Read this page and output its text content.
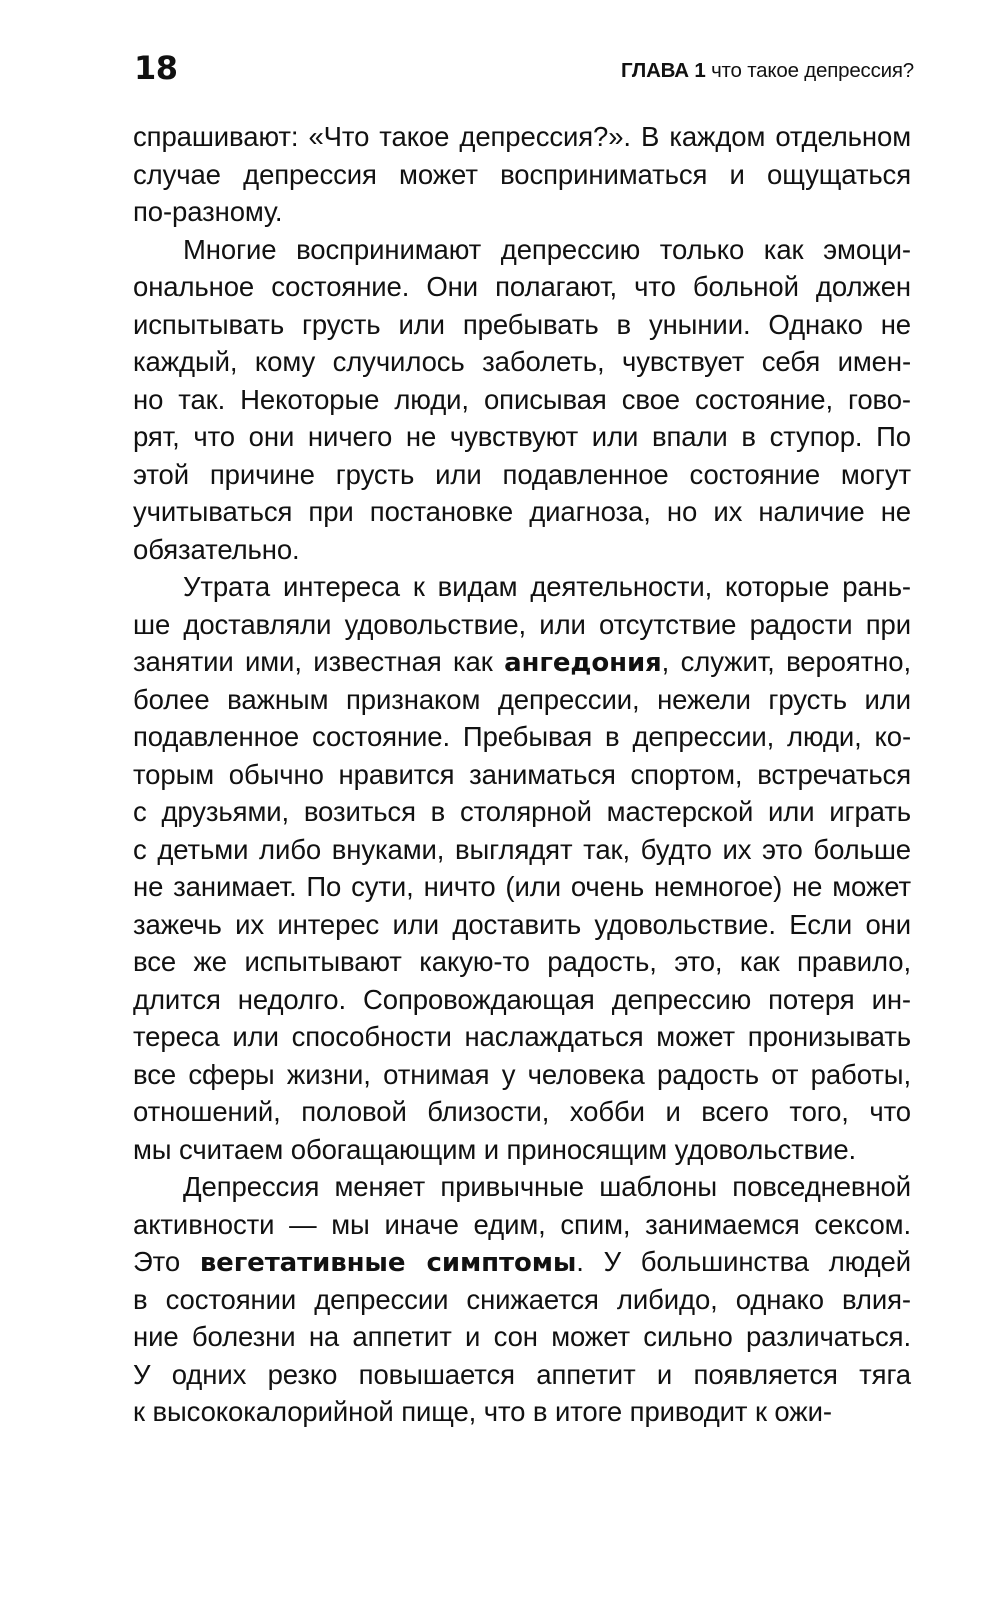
18	ГЛАВА 1 что такое депрессия?
спрашивают: «Что такое депрессия?». В каждом отдельном
случае депрессия может восприниматься и ощущаться
по-разному.
Многие воспринимают депрессию только как эмоци-
ональное состояние. Они полагают, что больной должен
испытывать грусть или пребывать в унынии. Однако не
каждый, кому случилось заболеть, чувствует себя имен-
но так. Некоторые люди, описывая свое состояние, гово-
рят, что они ничего не чувствуют или впали в ступор. По
этой причине грусть или подавленное состояние могут
учитываться при постановке диагноза, но их наличие не
обязательно.
Утрата интереса к видам деятельности, которые рань-
ше доставляли удовольствие, или отсутствие радости при
занятии ими, известная как ангедония, служит, вероятно,
более важным признаком депрессии, нежели грусть или
подавленное состояние. Пребывая в депрессии, люди, ко-
торым обычно нравится заниматься спортом, встречаться
с друзьями, возиться в столярной мастерской или играть
с детьми либо внуками, выглядят так, будто их это больше
не занимает. По сути, ничто (или очень немногое) не может
зажечь их интерес или доставить удовольствие. Если они
все же испытывают какую-то радость, это, как правило,
длится недолго. Сопровождающая депрессию потеря ин-
тереса или способности наслаждаться может пронизывать
все сферы жизни, отнимая у человека радость от работы,
отношений, половой близости, хобби и всего того, что
мы считаем обогащающим и приносящим удовольствие.
Депрессия меняет привычные шаблоны повседневной
активности — мы иначе едим, спим, занимаемся сексом.
Это вегетативные симптомы. У большинства людей
в состоянии депрессии снижается либидо, однако влия-
ние болезни на аппетит и сон может сильно различаться.
У одних резко повышается аппетит и появляется тяга
к высококалорийной пище, что в итоге приводит к ожи-
